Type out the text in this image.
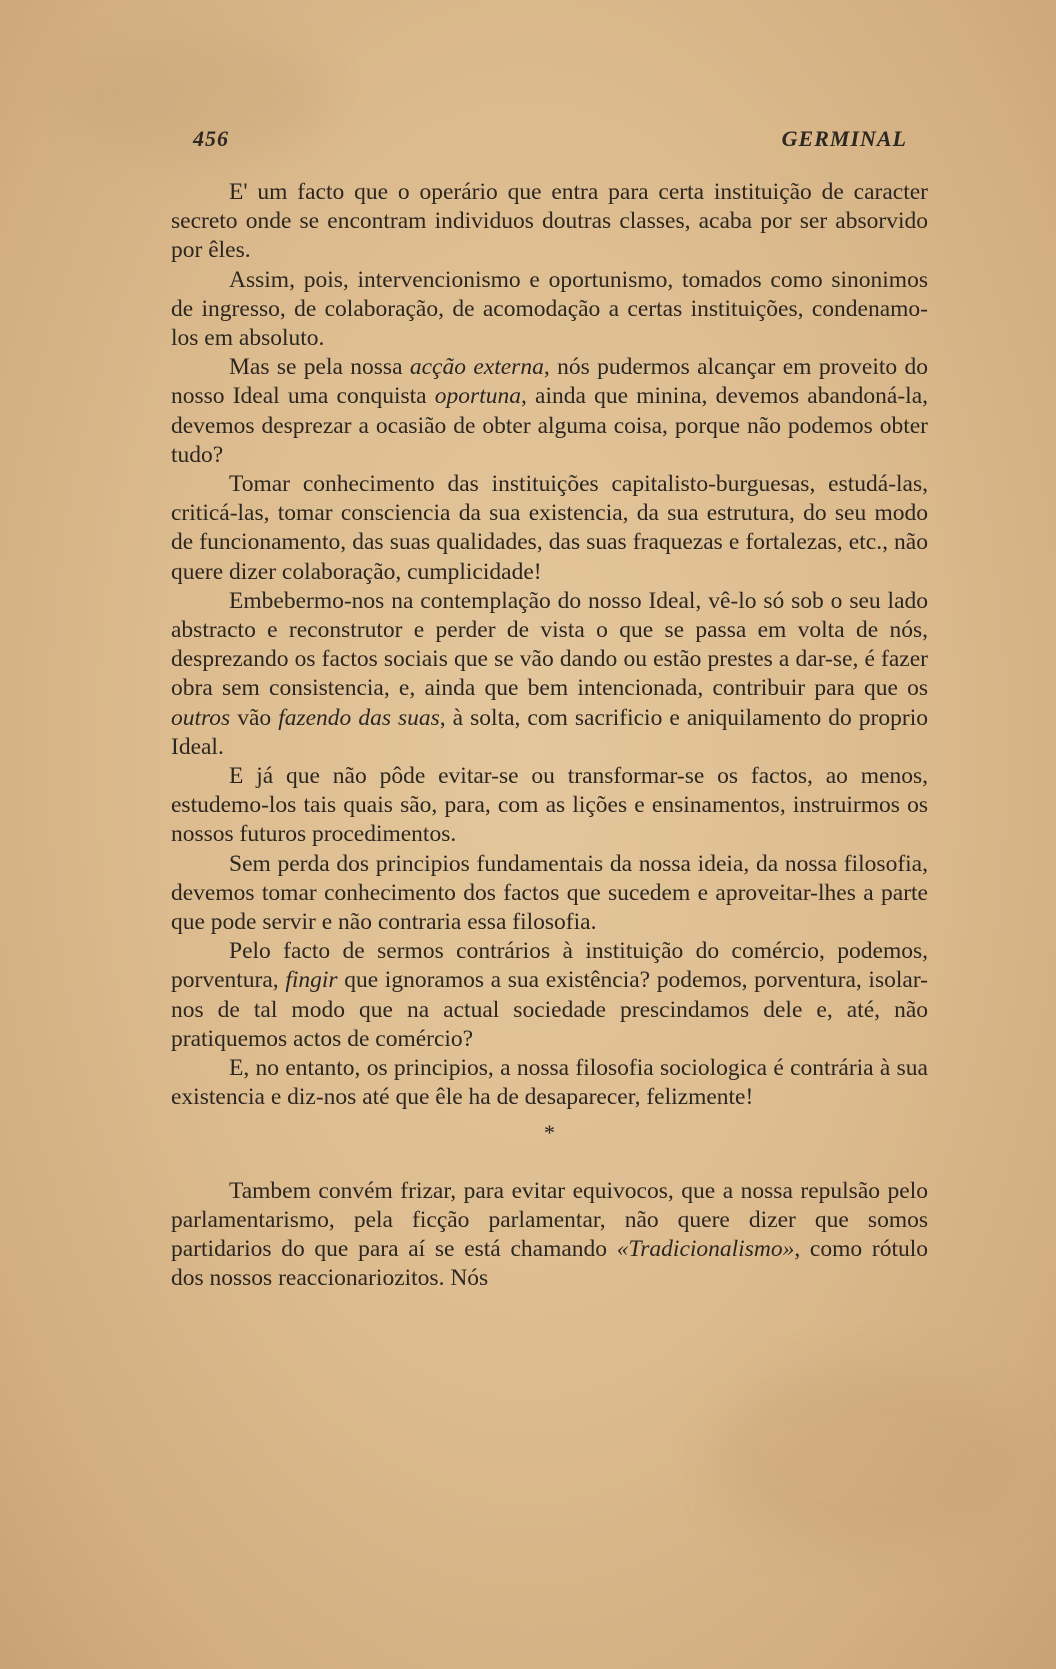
456	GERMINAL

E' um facto que o operário que entra para certa instituição de caracter secreto onde se encontram individuos doutras classes, acaba por ser absorvido por êles.

Assim, pois, intervencionismo e oportunismo, tomados como sinonimos de ingresso, de colaboração, de acomodação a certas instituições, condenamo-los em absoluto.

Mas se pela nossa acção externa, nós pudermos alcançar em proveito do nosso Ideal uma conquista oportuna, ainda que minina, devemos abandoná-la, devemos desprezar a ocasião de obter alguma coisa, porque não podemos obter tudo?

Tomar conhecimento das instituições capitalisto-burguesas, estudá-las, criticá-las, tomar consciencia da sua existencia, da sua estrutura, do seu modo de funcionamento, das suas qualidades, das suas fraquezas e fortalezas, etc., não quere dizer colaboração, cumplicidade!

Embebermo-nos na contemplação do nosso Ideal, vê-lo só sob o seu lado abstracto e reconstrutor e perder de vista o que se passa em volta de nós, desprezando os factos sociais que se vão dando ou estão prestes a dar-se, é fazer obra sem consistencia, e, ainda que bem intencionada, contribuir para que os outros vão fazendo das suas, à solta, com sacrificio e aniquilamento do proprio Ideal.

E já que não pôde evitar-se ou transformar-se os factos, ao menos, estudemo-los tais quais são, para, com as lições e ensinamentos, instruirmos os nossos futuros procedimentos.

Sem perda dos principios fundamentais da nossa ideia, da nossa filosofia, devemos tomar conhecimento dos factos que sucedem e aproveitar-lhes a parte que pode servir e não contraria essa filosofia.

Pelo facto de sermos contrários à instituição do comércio, podemos, porventura, fingir que ignoramos a sua existência? podemos, porventura, isolar-nos de tal modo que na actual sociedade prescindamos dele e, até, não pratiquemos actos de comércio?

E, no entanto, os principios, a nossa filosofia sociologica é contrária à sua existencia e diz-nos até que êle ha de desaparecer, felizmente!

*

Tambem convém frizar, para evitar equivocos, que a nossa repulsão pelo parlamentarismo, pela ficção parlamentar, não quere dizer que somos partidarios do que para aí se está chamando «Tradicionalismo», como rótulo dos nossos reaccionariozitos. Nós
